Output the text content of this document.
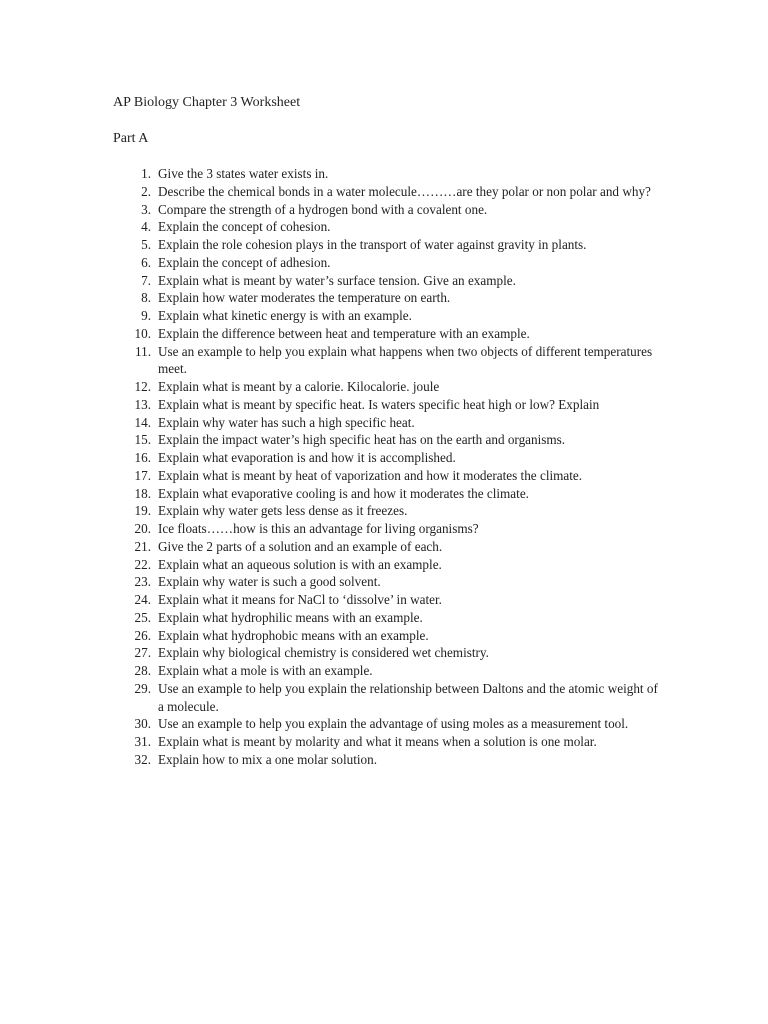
AP Biology Chapter 3 Worksheet
Part A
1. Give the 3 states water exists in.
2. Describe the chemical bonds in a water molecule………are they polar or non polar and why?
3. Compare the strength of a hydrogen bond with a covalent one.
4. Explain the concept of cohesion.
5. Explain the role cohesion plays in the transport of water against gravity in plants.
6. Explain the concept of adhesion.
7. Explain what is meant by water’s surface tension. Give an example.
8. Explain how water moderates the temperature on earth.
9. Explain what kinetic energy is with an example.
10. Explain the difference between heat and temperature with an example.
11. Use an example to help you explain what happens when two objects of different temperatures meet.
12. Explain what is meant by a calorie. Kilocalorie. joule
13. Explain what is meant by specific heat. Is waters specific heat high or low? Explain
14. Explain why water has such a high specific heat.
15. Explain the impact water’s high specific heat has on the earth and organisms.
16. Explain what evaporation is and how it is accomplished.
17. Explain what is meant by heat of vaporization and how it moderates the climate.
18. Explain what evaporative cooling is and how it moderates the climate.
19. Explain why water gets less dense as it freezes.
20. Ice floats……how is this an advantage for living organisms?
21. Give the 2 parts of a solution and an example of each.
22. Explain what an aqueous solution is with an example.
23. Explain why water is such a good solvent.
24. Explain what it means for NaCl to ‘dissolve’ in water.
25. Explain what hydrophilic means with an example.
26. Explain what hydrophobic means with an example.
27. Explain why biological chemistry is considered wet chemistry.
28. Explain what a mole is with an example.
29. Use an example to help you explain the relationship between Daltons and the atomic weight of a molecule.
30. Use an example to help you explain the advantage of using moles as a measurement tool.
31. Explain what is meant by molarity and what it means when a solution is one molar.
32. Explain how to mix a one molar solution.
